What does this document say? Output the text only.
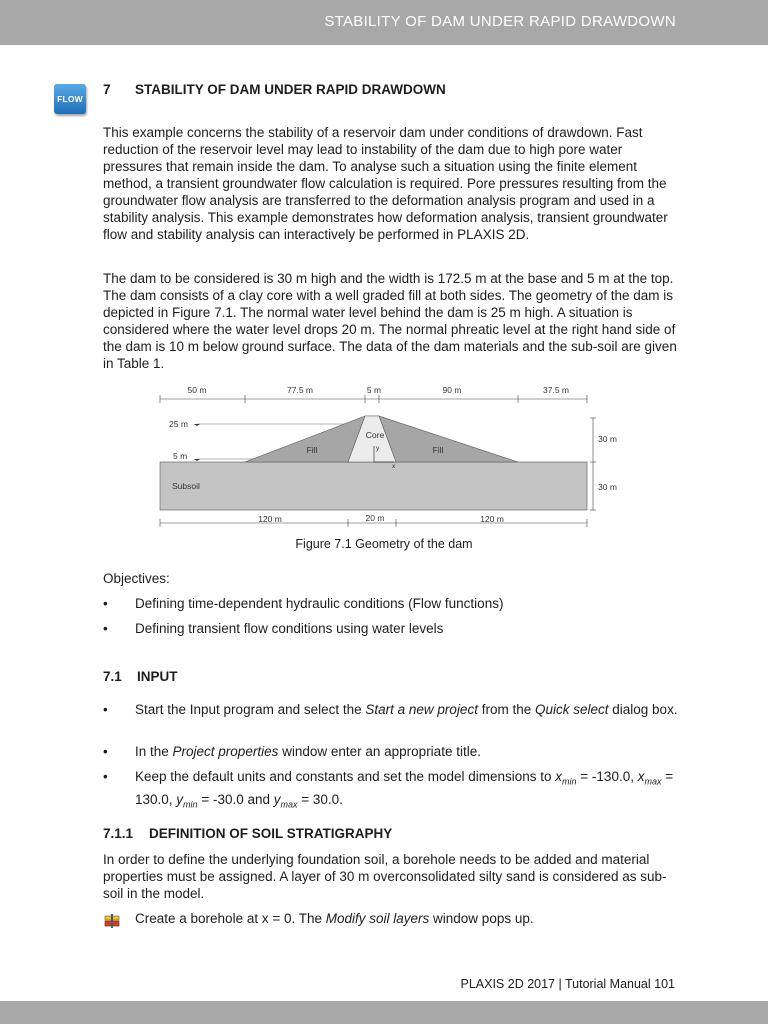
STABILITY OF DAM UNDER RAPID DRAWDOWN
FLOW
7 STABILITY OF DAM UNDER RAPID DRAWDOWN

This example concerns the stability of a reservoir dam under conditions of drawdown. Fast reduction of the reservoir level may lead to instability of the dam due to high pore water pressures that remain inside the dam. To analyse such a situation using the finite element method, a transient groundwater flow calculation is required. Pore pressures resulting from the groundwater flow analysis are transferred to the deformation analysis program and used in a stability analysis. This example demonstrates how deformation analysis, transient groundwater flow and stability analysis can interactively be performed in PLAXIS 2D.

The dam to be considered is 30 m high and the width is 172.5 m at the base and 5 m at the top. The dam consists of a clay core with a well graded fill at both sides. The geometry of the dam is depicted in Figure 7.1. The normal water level behind the dam is 25 m high. A situation is considered where the water level drops 20 m. The normal phreatic level at the right hand side of the dam is 10 m below ground surface. The data of the dam materials and the sub-soil are given in Table 1.

50 m	77.5 m	5 m	90 m	37.5 m
25 m
5 m
Subsoil
Core
Fill	Fill
y
x
30 m
30 m
120 m	20 m	120 m
Figure 7.1 Geometry of the dam

Objectives:

• Defining time-dependent hydraulic conditions (Flow functions)
• Defining transient flow conditions using water levels
7.1 INPUT
• Start the Input program and select the Start a new project from the Quick select dialog box.
• In the Project properties window enter an appropriate title.
• Keep the default units and constants and set the model dimensions to $x_{min} = -130.0$, $x_{max} = 130.0$, $y_{min} = -30.0$ and $y_{max} = 30.0$.
7.1.1 DEFINITION OF SOIL STRATIGRAPHY

In order to define the underlying foundation soil, a borehole needs to be added and material properties must be assigned. A layer of 30 m overconsolidated silty sand is considered as sub-soil in the model.

Create a borehole at x = 0. The Modify soil layers window pops up.
PLAXIS 2D 2017 | Tutorial Manual 101
